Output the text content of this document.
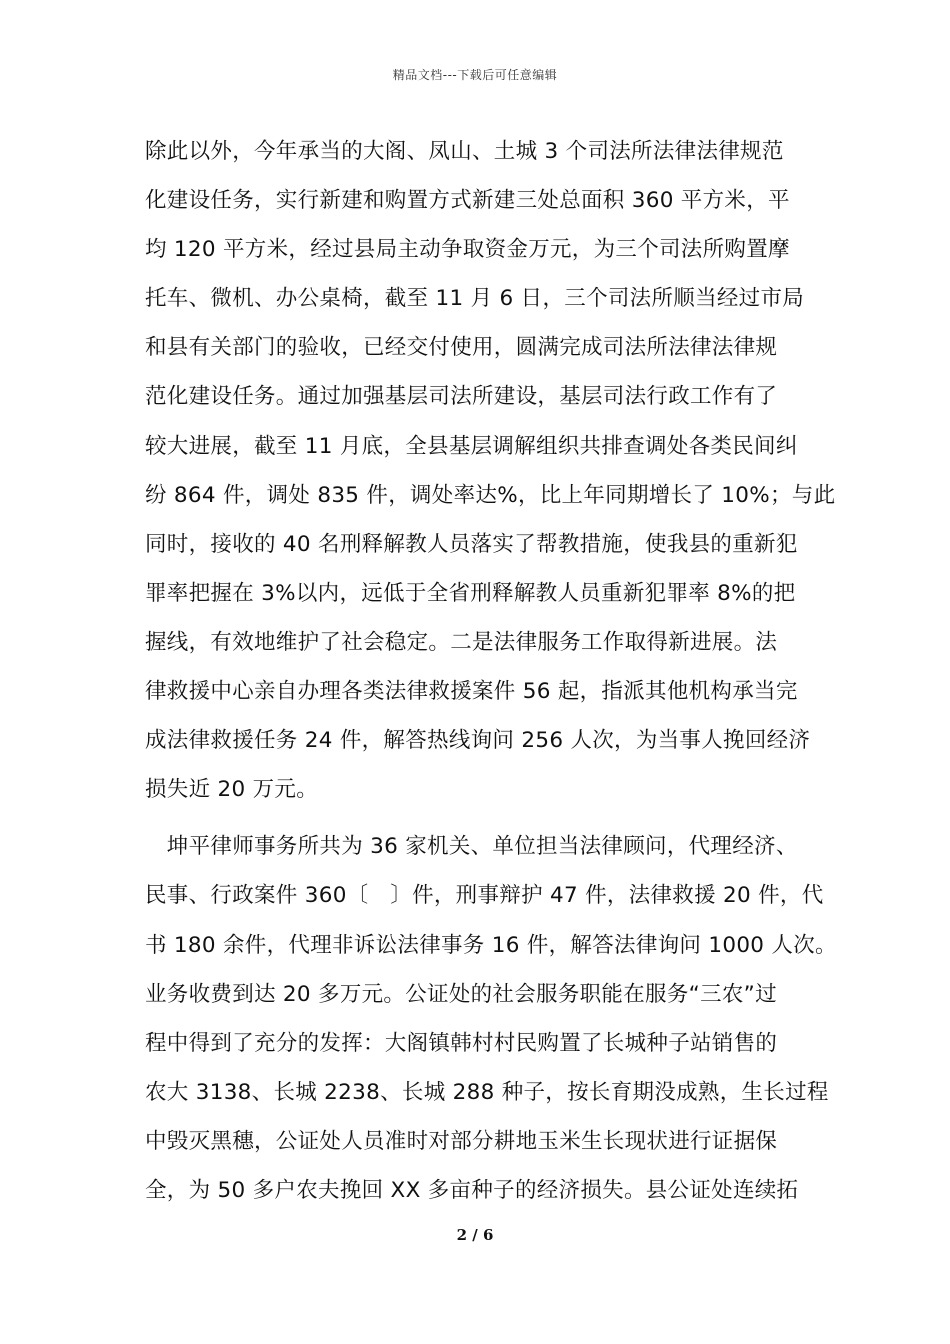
精品文档---下载后可任意编辑
除此以外，今年承当的大阁、凤山、土城 3 个司法所法律法律规范
化建设任务，实行新建和购置方式新建三处总面积 360 平方米，平
均 120 平方米，经过县局主动争取资金万元，为三个司法所购置摩
托车、微机、办公桌椅，截至 11 月 6 日，三个司法所顺当经过市局
和县有关部门的验收，已经交付使用，圆满完成司法所法律法律规
范化建设任务。通过加强基层司法所建设，基层司法行政工作有了
较大进展，截至 11 月底，全县基层调解组织共排查调处各类民间纠
纷 864 件，调处 835 件，调处率达%，比上年同期增长了 10%；与此
同时，接收的 40 名刑释解教人员落实了帮教措施，使我县的重新犯
罪率把握在 3%以内，远低于全省刑释解教人员重新犯罪率 8%的把
握线，有效地维护了社会稳定。二是法律服务工作取得新进展。法
律救援中心亲自办理各类法律救援案件 56 起，指派其他机构承当完
成法律救援任务 24 件，解答热线询问 256 人次，为当事人挽回经济
损失近 20 万元。
　坤平律师事务所共为 36 家机关、单位担当法律顾问，代理经济、
民事、行政案件 360〔　〕件，刑事辩护 47 件，法律救援 20 件，代
书 180 余件，代理非诉讼法律事务 16 件，解答法律询问 1000 人次。
业务收费到达 20 多万元。公证处的社会服务职能在服务“三农”过
程中得到了充分的发挥：大阁镇韩村村民购置了长城种子站销售的
农大 3138、长城 2238、长城 288 种子，按长育期没成熟，生长过程
中毁灭黑穗，公证处人员准时对部分耕地玉米生长现状进行证据保
全，为 50 多户农夫挽回 XX 多亩种子的经济损失。县公证处连续拓
2 / 6
